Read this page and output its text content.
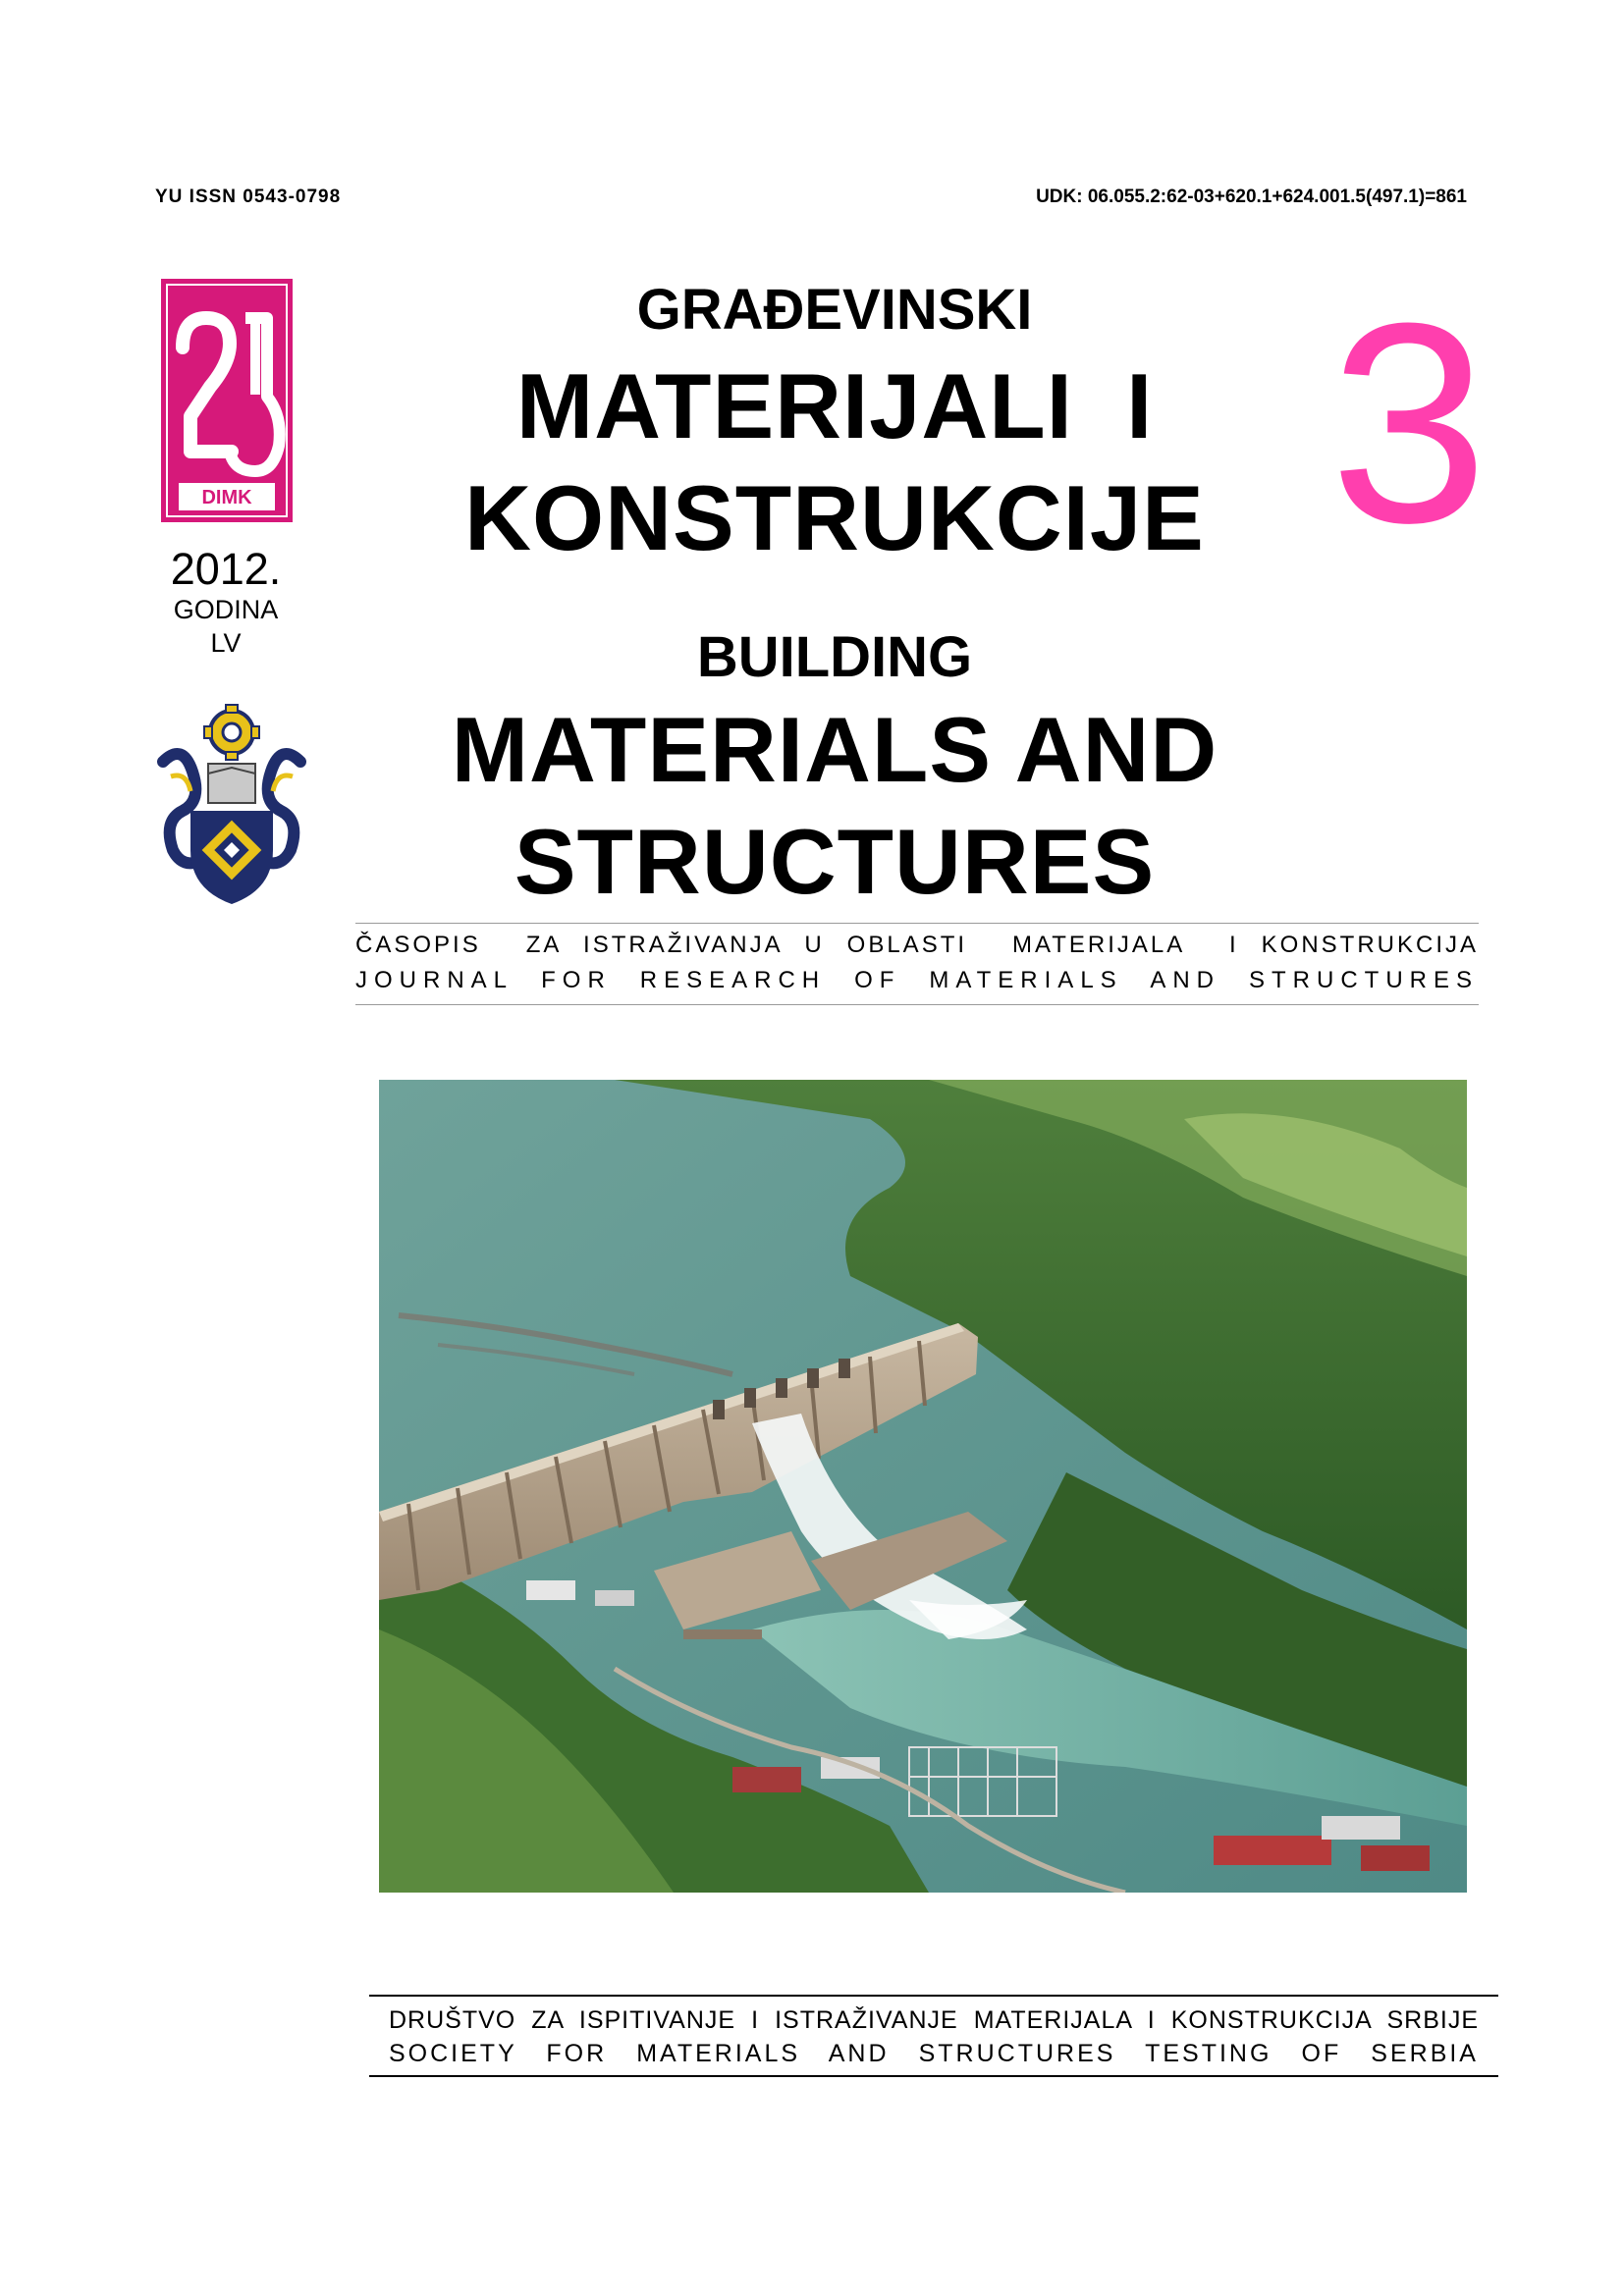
YU ISSN 0543-0798	UDK: 06.055.2:62-03+620.1+624.001.5(497.1)=861
DIMK
2012.
GODINA
LV
GRAĐEVINSKI
MATERIJALI  I
KONSTRUKCIJE
BUILDING
MATERIALS AND
STRUCTURES
3
ČASOPIS  ZA ISTRAŽIVANJA U OBLASTI  MATERIJALA  I KONSTRUKCIJA
JOURNAL  FOR  RESEARCH  OF  MATERIALS  AND  STRUCTURES
DRUŠTVO ZA ISPITIVANJE I ISTRAŽIVANJE MATERIJALA I KONSTRUKCIJA SRBIJE
SOCIETY  FOR  MATERIALS  AND  STRUCTURES  TESTING  OF  SERBIA
